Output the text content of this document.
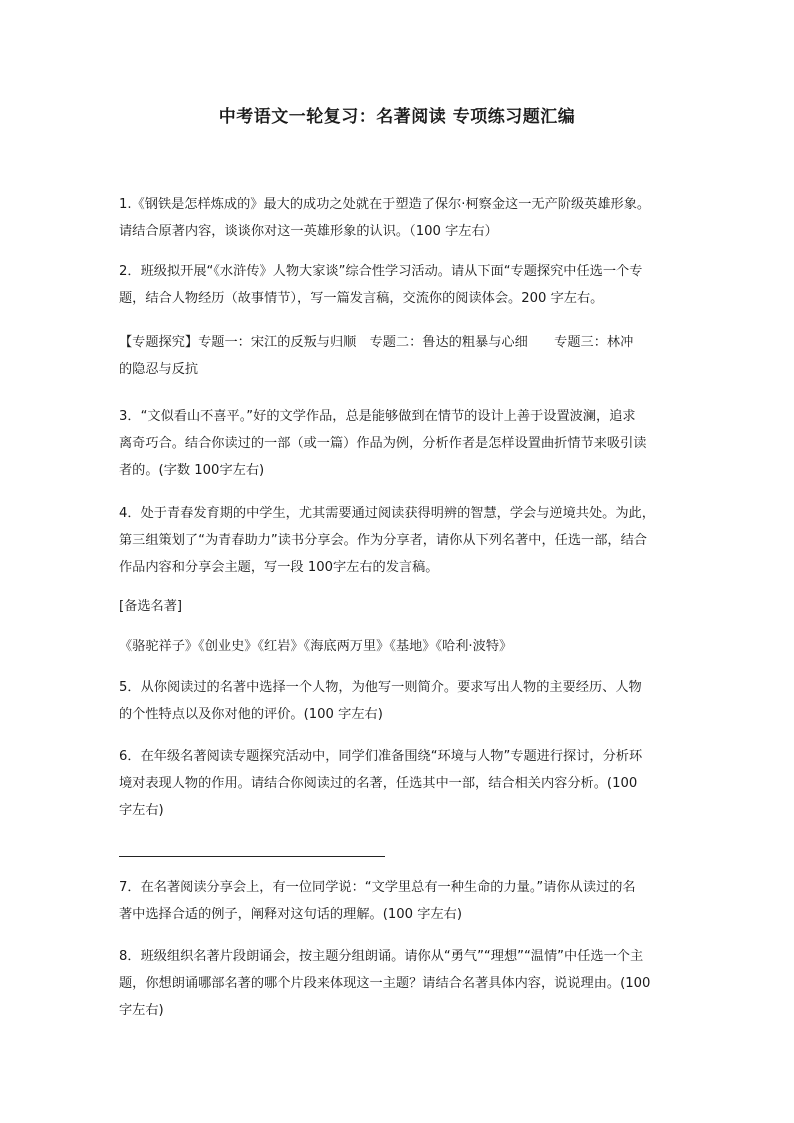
中考语文一轮复习：名著阅读 专项练习题汇编
1.《钢铁是怎样炼成的》最大的成功之处就在于塑造了保尔·柯察金这一无产阶级英雄形象。
请结合原著内容，谈谈你对这一英雄形象的认识。（100 字左右）
2．班级拟开展“《水浒传》人物大家谈”综合性学习活动。请从下面“专题探究中任选一个专
题，结合人物经历（故事情节），写一篇发言稿，交流你的阅读体会。200 字左右。
【专题探究】专题一：宋江的反叛与归顺　专题二：鲁达的粗暴与心细　　专题三：林冲
的隐忍与反抗
3．“文似看山不喜平。”好的文学作品，总是能够做到在情节的设计上善于设置波澜，追求
离奇巧合。结合你读过的一部（或一篇）作品为例，分析作者是怎样设置曲折情节来吸引读
者的。(字数 100字左右)
4．处于青春发育期的中学生，尤其需要通过阅读获得明辨的智慧，学会与逆境共处。为此，
第三组策划了“为青春助力”读书分享会。作为分享者，请你从下列名著中，任选一部，结合
作品内容和分享会主题，写一段 100字左右的发言稿。
[备选名著]
《骆驼祥子》《创业史》《红岩》《海底两万里》《基地》《哈利·波特》
5．从你阅读过的名著中选择一个人物，为他写一则简介。要求写出人物的主要经历、人物
的个性特点以及你对他的评价。(100 字左右)
6．在年级名著阅读专题探究活动中，同学们准备围绕“环境与人物”专题进行探讨，分析环
境对表现人物的作用。请结合你阅读过的名著，任选其中一部，结合相关内容分析。(100
字左右)
7．在名著阅读分享会上，有一位同学说：“文学里总有一种生命的力量。”请你从读过的名
著中选择合适的例子，阐释对这句话的理解。(100 字左右)
8．班级组织名著片段朗诵会，按主题分组朗诵。请你从“勇气”“理想”“温情”中任选一个主
题，你想朗诵哪部名著的哪个片段来体现这一主题？请结合名著具体内容，说说理由。(100
字左右)
